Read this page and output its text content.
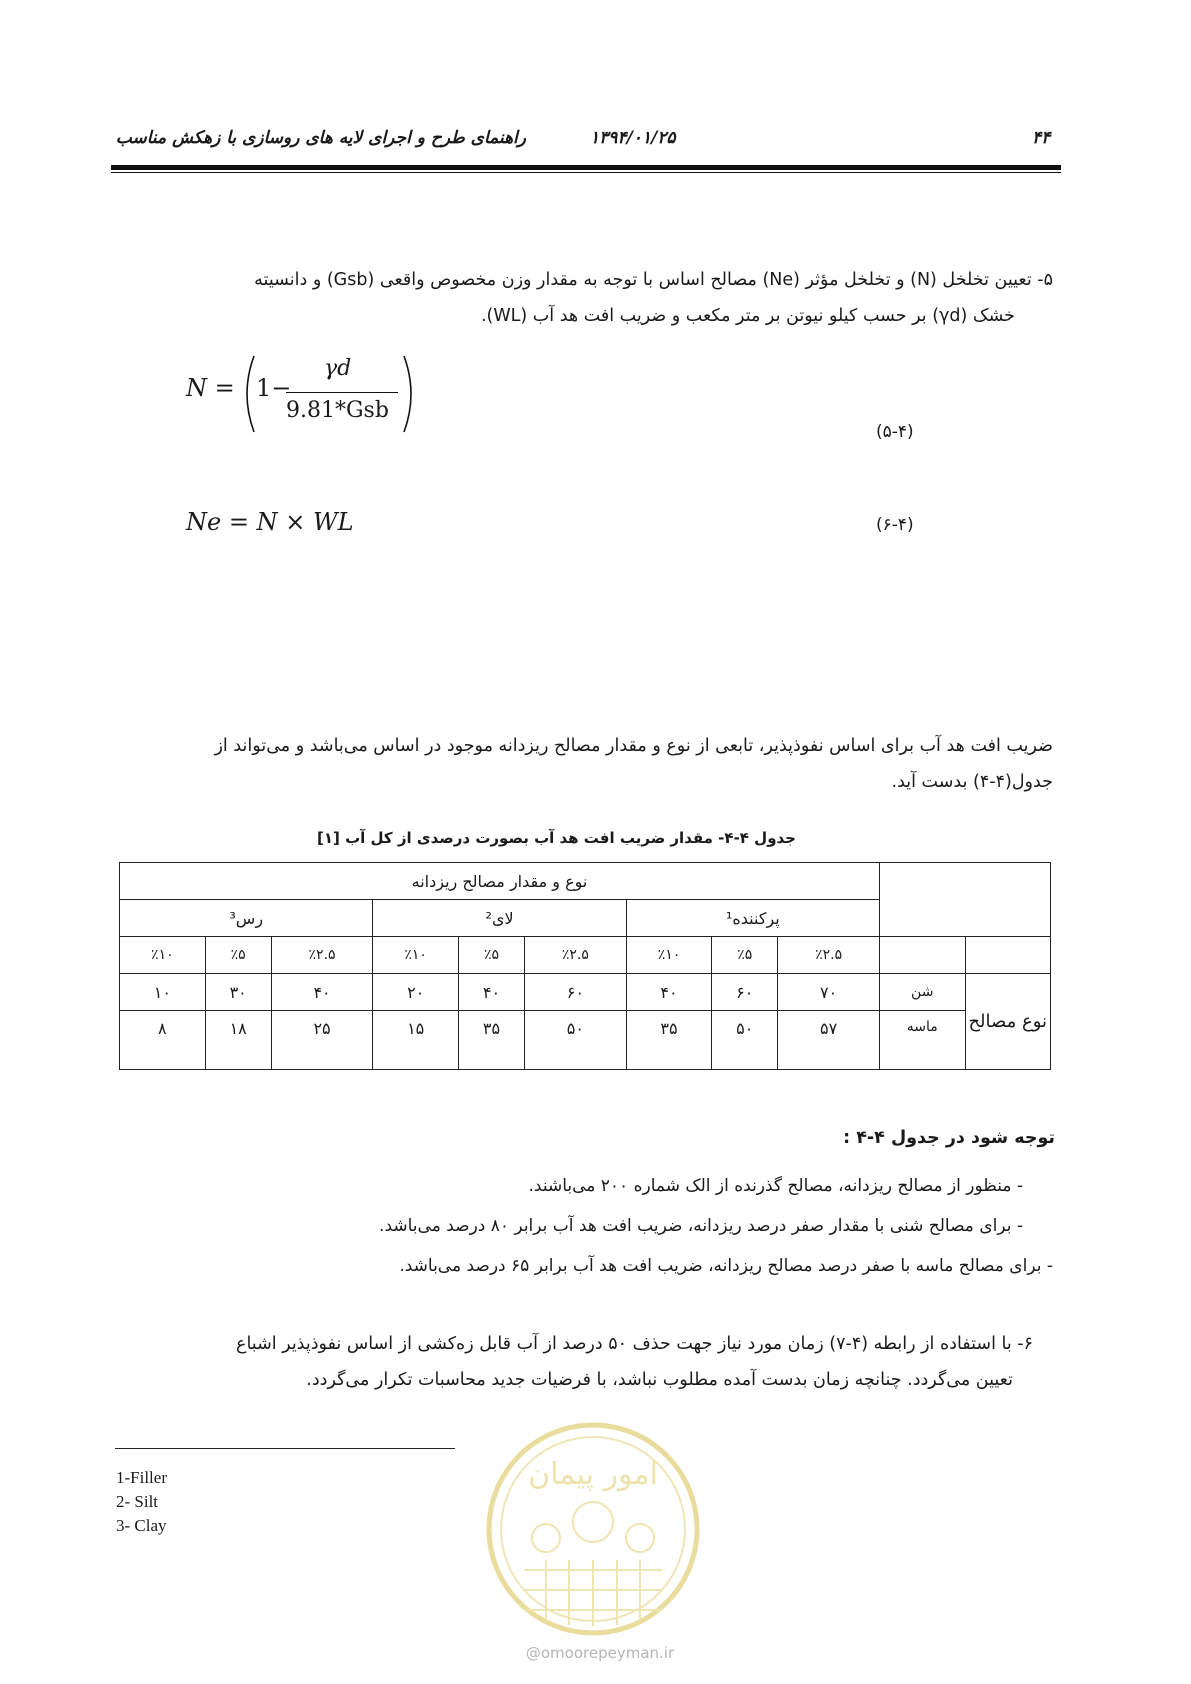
۴۴
۱۳۹۴/۰۱/۲۵
راهنمای طرح و اجرای لایه های روسازی با زهکش مناسب
۵- تعیین تخلخل (N) و تخلخل مؤثر (Ne) مصالح اساس با توجه به مقدار وزن مخصوص واقعی (Gsb) و دانسیته
خشک (γd) بر حسب کیلو نیوتن بر متر مکعب و ضریب افت هد آب (WL).
N = 1−
γd
9.81*Gsb
(۵-۴)
Ne = N × WL	(۶-۴)
ضریب افت هد آب برای اساس نفوذپذیر، تابعی از نوع و مقدار مصالح ریزدانه موجود در اساس می‌باشد و می‌تواند از
جدول(۴-۴) بدست آید.
جدول ۴-۴- مقدار ضریب افت هد آب بصورت درصدی از کل آب [۱]
		نوع و مقدار مصالح ریزدانه								
		پرکننده¹			لای²			رس³		
		٪۲.۵	٪۵	٪۱۰	٪۲.۵	٪۵	٪۱۰	٪۲.۵	٪۵	٪۱۰
نوع مصالح	شن	۷۰	۶۰	۴۰	۶۰	۴۰	۲۰	۴۰	۳۰	۱۰
	ماسه	۵۷	۵۰	۳۵	۵۰	۳۵	۱۵	۲۵	۱۸	۸
توجه شود در جدول ۴-۴ :
- منظور از مصالح ریزدانه، مصالح گذرنده از الک شماره ۲۰۰ می‌باشند.
- برای مصالح شنی با مقدار صفر درصد ریزدانه، ضریب افت هد آب برابر ۸۰ درصد می‌باشد.
- برای مصالح ماسه با صفر درصد مصالح ریزدانه، ضریب افت هد آب برابر ۶۵ درصد می‌باشد.
۶- با استفاده از رابطه (۴-۷) زمان مورد نیاز جهت حذف ۵۰ درصد از آب قابل زه‌کشی از اساس نفوذپذیر اشباع
تعیین می‌گردد. چنانچه زمان بدست آمده مطلوب نباشد، با فرضیات جدید محاسبات تکرار می‌گردد.
1-Filler
2- Silt
3- Clay
امور پیمان
@omoorepeyman.ir
